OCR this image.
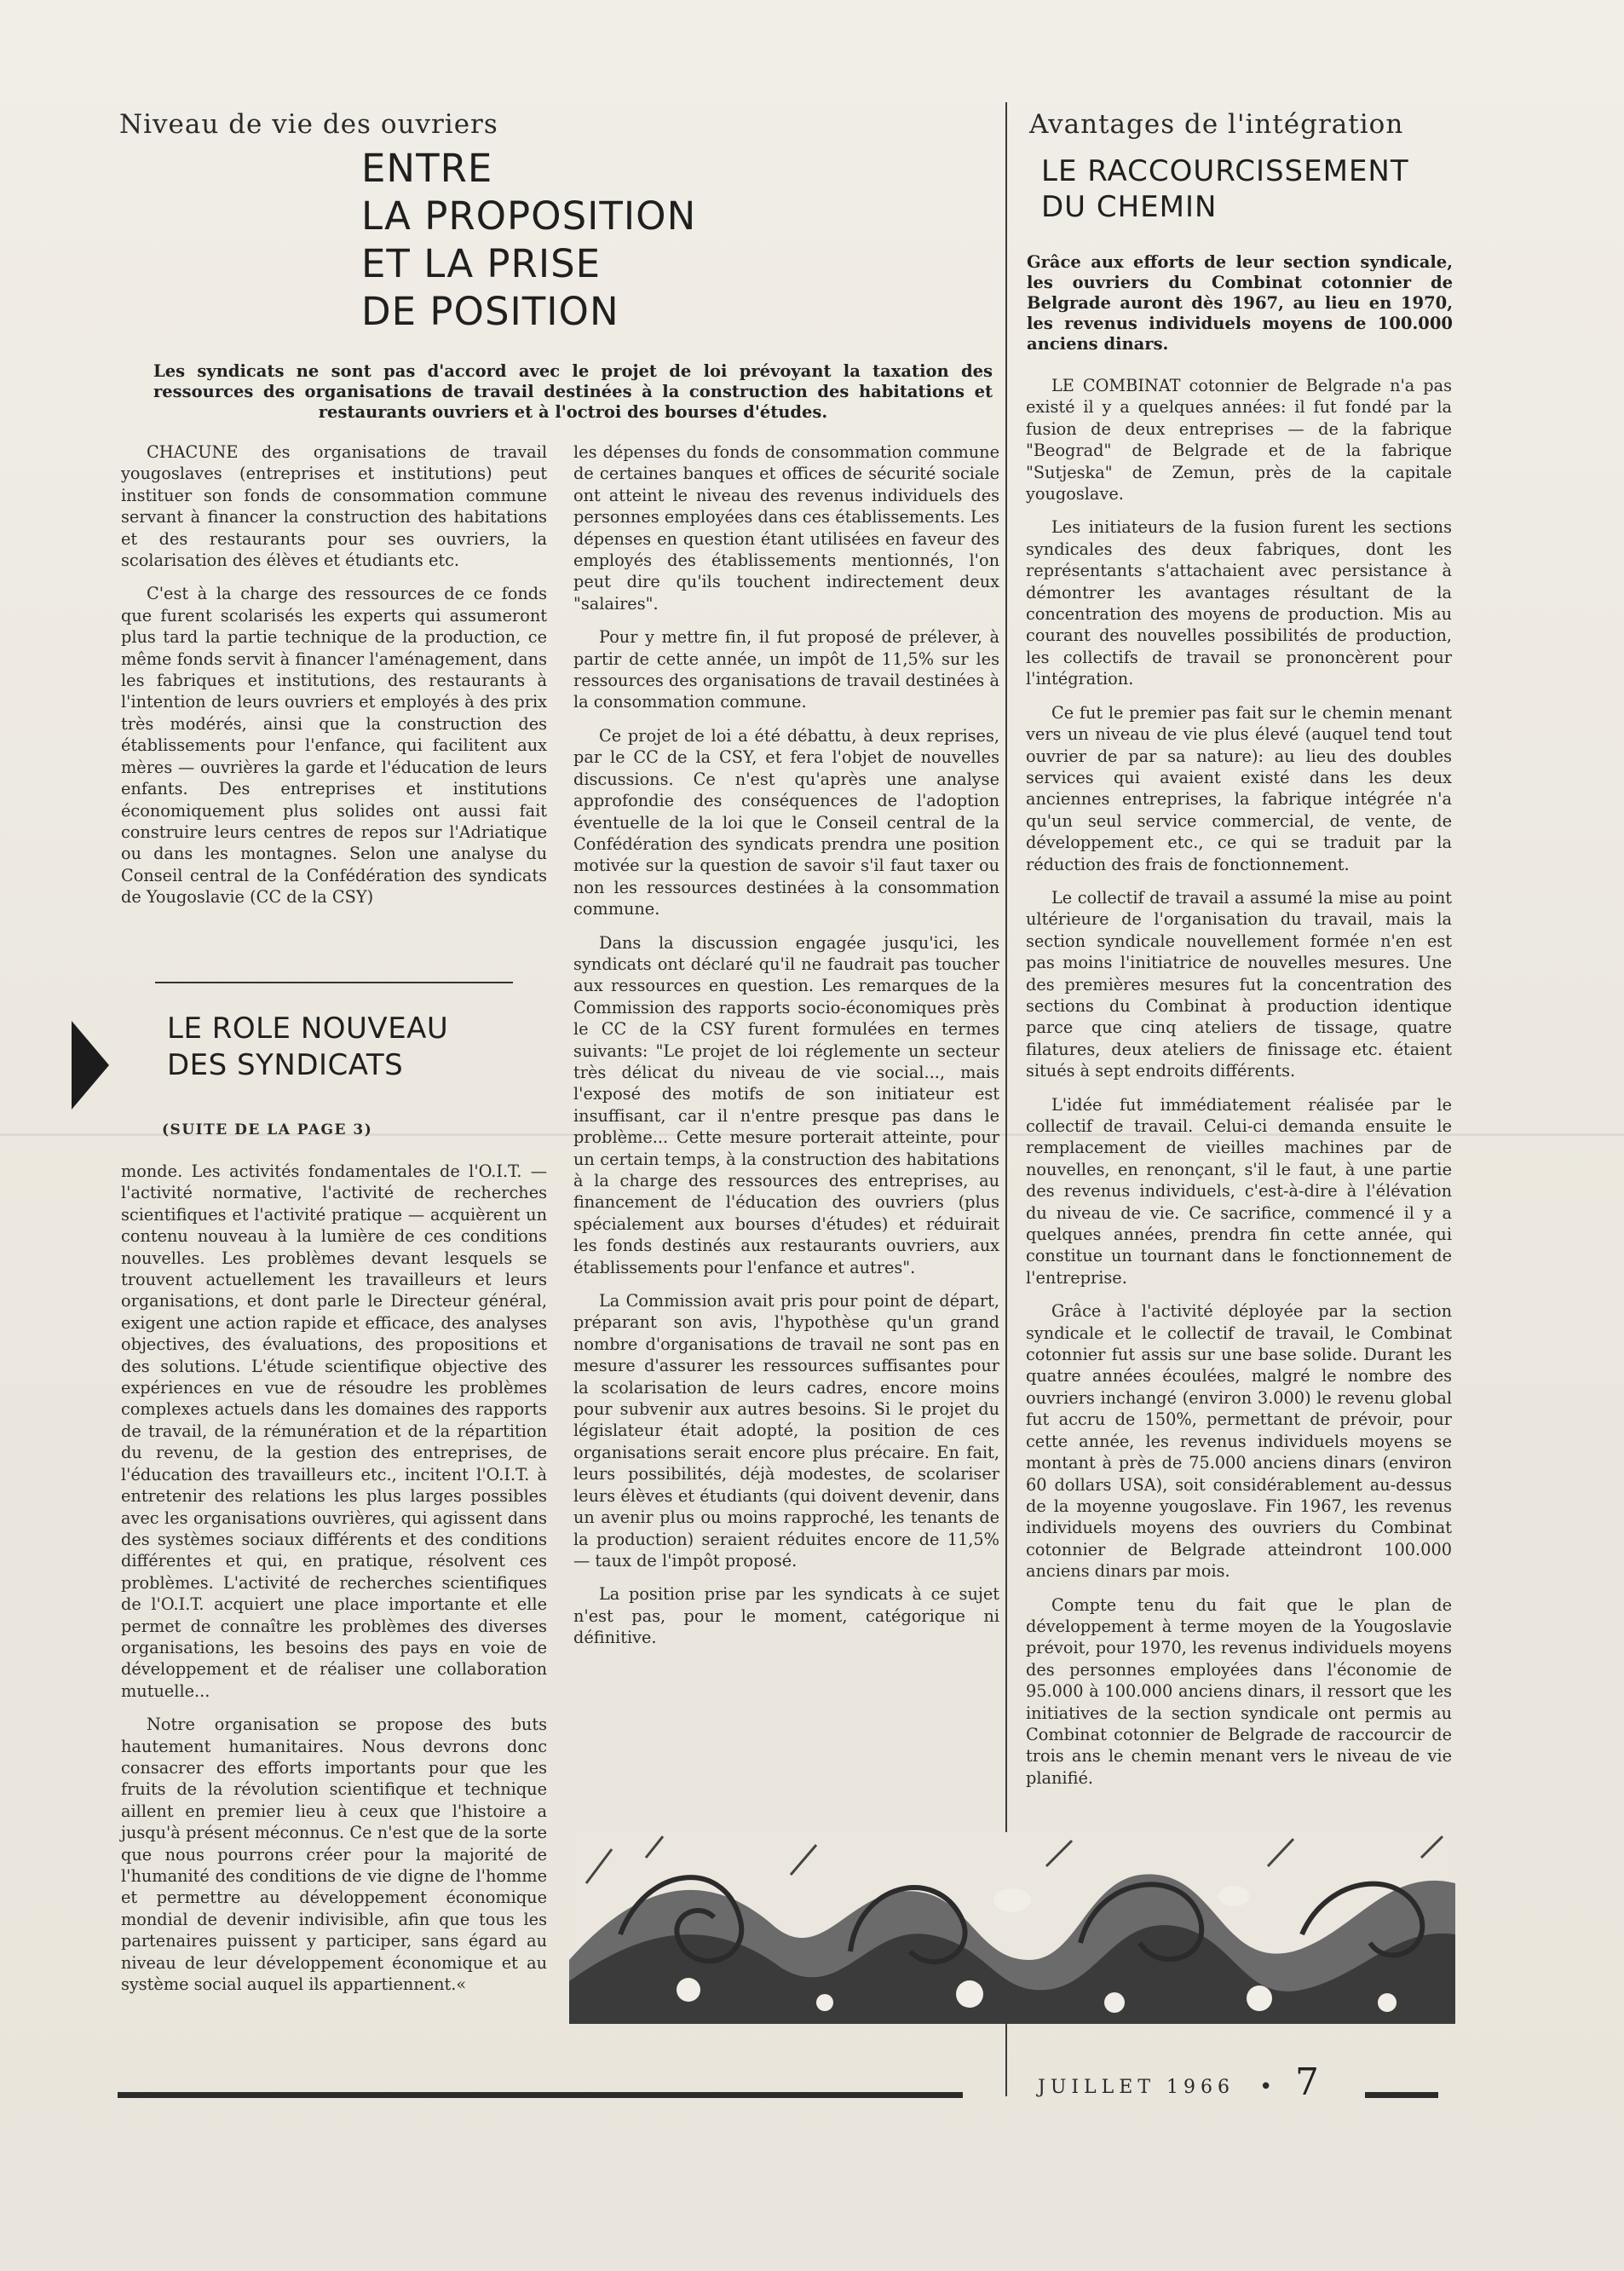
Niveau de vie des ouvriers
ENTRE
LA PROPOSITION
ET LA PRISE
DE POSITION

Les syndicats ne sont pas d'accord avec le projet de loi prévoyant la taxation des ressources des organisations de travail destinées à la construction des habitations et restaurants ouvriers et à l'octroi des bourses d'études.

CHACUNE des organisations de travail yougoslaves (entreprises et institutions) peut instituer son fonds de consommation commune servant à financer la construction des habitations et des restaurants pour ses ouvriers, la scolarisation des élèves et étudiants etc.

C'est à la charge des ressources de ce fonds que furent scolarisés les experts qui assumeront plus tard la partie technique de la production, ce même fonds servit à financer l'aménagement, dans les fabriques et institutions, des restaurants à l'intention de leurs ouvriers et employés à des prix très modérés, ainsi que la construction des établissements pour l'enfance, qui facilitent aux mères — ouvrières la garde et l'éducation de leurs enfants. Des entreprises et institutions économiquement plus solides ont aussi fait construire leurs centres de repos sur l'Adriatique ou dans les montagnes. Selon une analyse du Conseil central de la Confédération des syndicats de Yougoslavie (CC de la CSY)

les dépenses du fonds de consommation commune de certaines banques et offices de sécurité sociale ont atteint le niveau des revenus individuels des personnes employées dans ces établissements. Les dépenses en question étant utilisées en faveur des employés des établissements mentionnés, l'on peut dire qu'ils touchent indirectement deux "salaires".

Pour y mettre fin, il fut proposé de prélever, à partir de cette année, un impôt de 11,5% sur les ressources des organisations de travail destinées à la consommation commune.

Ce projet de loi a été débattu, à deux reprises, par le CC de la CSY, et fera l'objet de nouvelles discussions. Ce n'est qu'après une analyse approfondie des conséquences de l'adoption éventuelle de la loi que le Conseil central de la Confédération des syndicats prendra une position motivée sur la question de savoir s'il faut taxer ou non les ressources destinées à la consommation commune.

Dans la discussion engagée jusqu'ici, les syndicats ont déclaré qu'il ne faudrait pas toucher aux ressources en question. Les remarques de la Commission des rapports socio-économiques près le CC de la CSY furent formulées en termes suivants: "Le projet de loi réglemente un secteur très délicat du niveau de vie social..., mais l'exposé des motifs de son initiateur est insuffisant, car il n'entre presque pas dans le problème... Cette mesure porterait atteinte, pour un certain temps, à la construction des habitations à la charge des ressources des entreprises, au financement de l'éducation des ouvriers (plus spécialement aux bourses d'études) et réduirait les fonds destinés aux restaurants ouvriers, aux établissements pour l'enfance et autres".

La Commission avait pris pour point de départ, préparant son avis, l'hypothèse qu'un grand nombre d'organisations de travail ne sont pas en mesure d'assurer les ressources suffisantes pour la scolarisation de leurs cadres, encore moins pour subvenir aux autres besoins. Si le projet du législateur était adopté, la position de ces organisations serait encore plus précaire. En fait, leurs possibilités, déjà modestes, de scolariser leurs élèves et étudiants (qui doivent devenir, dans un avenir plus ou moins rapproché, les tenants de la production) seraient réduites encore de 11,5% — taux de l'impôt proposé.

La position prise par les syndicats à ce sujet n'est pas, pour le moment, catégorique ni définitive.

LE ROLE NOUVEAU
DES SYNDICATS
(SUITE DE LA PAGE 3)

monde. Les activités fondamentales de l'O.I.T. — l'activité normative, l'activité de recherches scientifiques et l'activité pratique — acquièrent un contenu nouveau à la lumière de ces conditions nouvelles. Les problèmes devant lesquels se trouvent actuellement les travailleurs et leurs organisations, et dont parle le Directeur général, exigent une action rapide et efficace, des analyses objectives, des évaluations, des propositions et des solutions. L'étude scientifique objective des expériences en vue de résoudre les problèmes complexes actuels dans les domaines des rapports de travail, de la rémunération et de la répartition du revenu, de la gestion des entreprises, de l'éducation des travailleurs etc., incitent l'O.I.T. à entretenir des relations les plus larges possibles avec les organisations ouvrières, qui agissent dans des systèmes sociaux différents et des conditions différentes et qui, en pratique, résolvent ces problèmes. L'activité de recherches scientifiques de l'O.I.T. acquiert une place importante et elle permet de connaître les problèmes des diverses organisations, les besoins des pays en voie de développement et de réaliser une collaboration mutuelle...

Notre organisation se propose des buts hautement humanitaires. Nous devrons donc consacrer des efforts importants pour que les fruits de la révolution scientifique et technique aillent en premier lieu à ceux que l'histoire a jusqu'à présent méconnus. Ce n'est que de la sorte que nous pourrons créer pour la majorité de l'humanité des conditions de vie digne de l'homme et permettre au développement économique mondial de devenir indivisible, afin que tous les partenaires puissent y participer, sans égard au niveau de leur développement économique et au système social auquel ils appartiennent.«

Avantages de l'intégration
LE RACCOURCISSEMENT
DU CHEMIN

Grâce aux efforts de leur section syndicale, les ouvriers du Combinat cotonnier de Belgrade auront dès 1967, au lieu en 1970, les revenus individuels moyens de 100.000 anciens dinars.

LE COMBINAT cotonnier de Belgrade n'a pas existé il y a quelques années: il fut fondé par la fusion de deux entreprises — de la fabrique "Beograd" de Belgrade et de la fabrique "Sutjeska" de Zemun, près de la capitale yougoslave.

Les initiateurs de la fusion furent les sections syndicales des deux fabriques, dont les représentants s'attachaient avec persistance à démontrer les avantages résultant de la concentration des moyens de production. Mis au courant des nouvelles possibilités de production, les collectifs de travail se prononcèrent pour l'intégration.

Ce fut le premier pas fait sur le chemin menant vers un niveau de vie plus élevé (auquel tend tout ouvrier de par sa nature): au lieu des doubles services qui avaient existé dans les deux anciennes entreprises, la fabrique intégrée n'a qu'un seul service commercial, de vente, de développement etc., ce qui se traduit par la réduction des frais de fonctionnement.

Le collectif de travail a assumé la mise au point ultérieure de l'organisation du travail, mais la section syndicale nouvellement formée n'en est pas moins l'initiatrice de nouvelles mesures. Une des premières mesures fut la concentration des sections du Combinat à production identique parce que cinq ateliers de tissage, quatre filatures, deux ateliers de finissage etc. étaient situés à sept endroits différents.

L'idée fut immédiatement réalisée par le collectif de travail. Celui-ci demanda ensuite le remplacement de vieilles machines par de nouvelles, en renonçant, s'il le faut, à une partie des revenus individuels, c'est-à-dire à l'élévation du niveau de vie. Ce sacrifice, commencé il y a quelques années, prendra fin cette année, qui constitue un tournant dans le fonctionnement de l'entreprise.

Grâce à l'activité déployée par la section syndicale et le collectif de travail, le Combinat cotonnier fut assis sur une base solide. Durant les quatre années écoulées, malgré le nombre des ouvriers inchangé (environ 3.000) le revenu global fut accru de 150%, permettant de prévoir, pour cette année, les revenus individuels moyens se montant à près de 75.000 anciens dinars (environ 60 dollars USA), soit considérablement au-dessus de la moyenne yougoslave. Fin 1967, les revenus individuels moyens des ouvriers du Combinat cotonnier de Belgrade atteindront 100.000 anciens dinars par mois.

Compte tenu du fait que le plan de développement à terme moyen de la Yougoslavie prévoit, pour 1970, les revenus individuels moyens des personnes employées dans l'économie de 95.000 à 100.000 anciens dinars, il ressort que les initiatives de la section syndicale ont permis au Combinat cotonnier de Belgrade de raccourcir de trois ans le chemin menant vers le niveau de vie planifié.

JUILLET 1966 • 7
